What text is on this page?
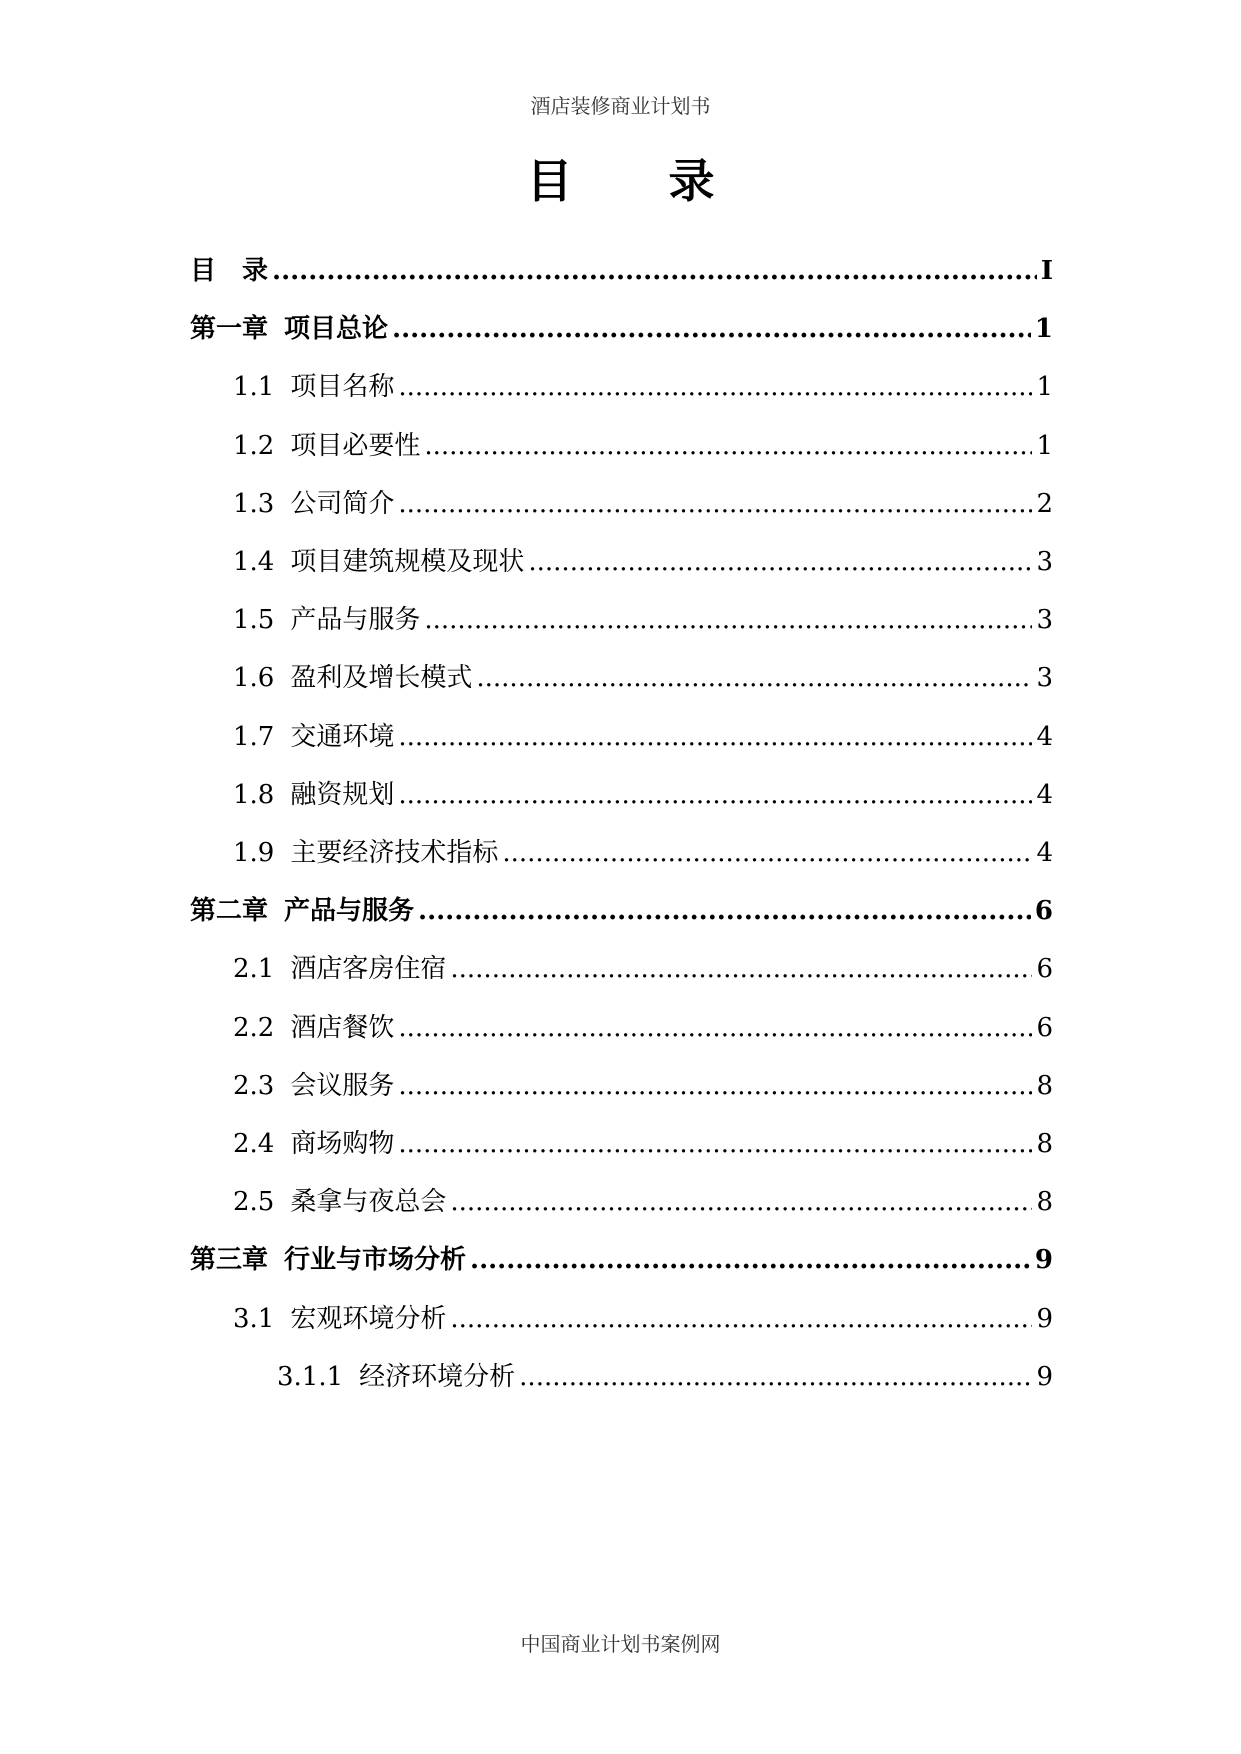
酒店装修商业计划书
目 录
目 录 .....	I
第一章 项目总论 .....	1
1.1 项目名称 .....	1
1.2 项目必要性 .....	1
1.3 公司简介 .....	2
1.4 项目建筑规模及现状 .....	3
1.5 产品与服务 .....	3
1.6 盈利及增长模式 .....	3
1.7 交通环境 .....	4
1.8 融资规划 .....	4
1.9 主要经济技术指标 .....	4
第二章 产品与服务 .....	6
2.1 酒店客房住宿 .....	6
2.2 酒店餐饮 .....	6
2.3 会议服务 .....	8
2.4 商场购物 .....	8
2.5 桑拿与夜总会 .....	8
第三章 行业与市场分析 .....	9
3.1 宏观环境分析 .....	9
3.1.1 经济环境分析 .....	9
中国商业计划书案例网
